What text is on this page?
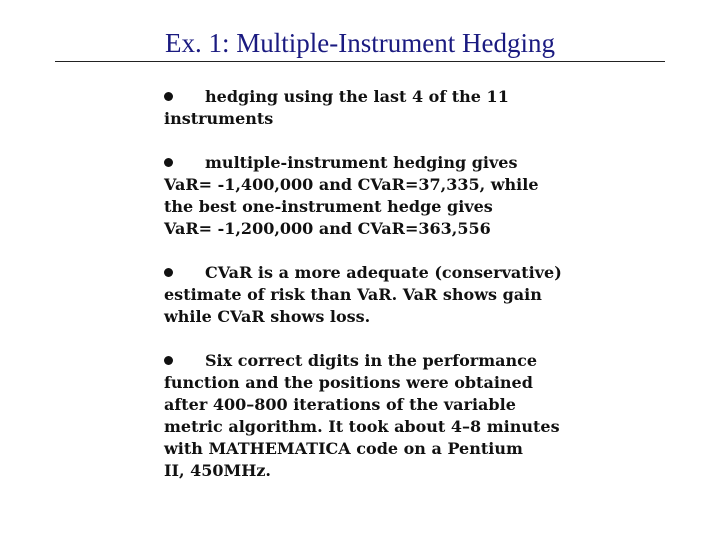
Ex. 1: Multiple-Instrument Hedging
hedging using the last 4 of the 11
instruments
multiple-instrument hedging gives
VaR= -1,400,000 and CVaR=37,335, while
the best one-instrument hedge gives
VaR= -1,200,000 and CVaR=363,556
CVaR is a more adequate (conservative)
estimate of risk than VaR. VaR shows gain
while CVaR shows loss.
Six correct digits in the performance
function and the positions were obtained
after 400–800 iterations of the variable
metric algorithm. It took about 4–8 minutes
with MATHEMATICA code on a Pentium
II, 450MHz.
